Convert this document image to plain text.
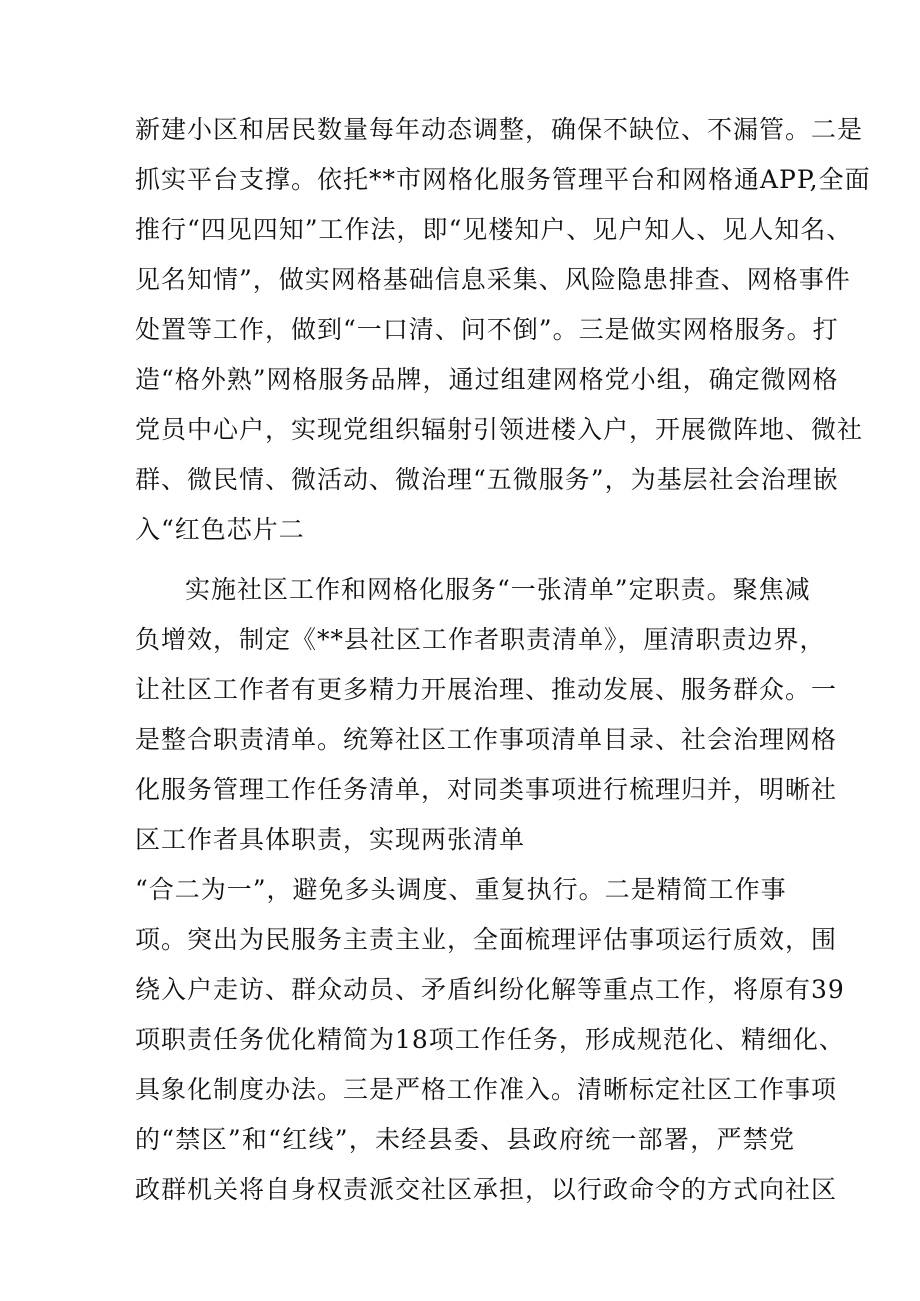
新建小区和居民数量每年动态调整，确保不缺位、不漏管。二是
抓实平台支撑。依托**市网格化服务管理平台和网格通APP,全面
推行“四见四知”工作法，即“见楼知户、见户知人、见人知名、
见名知情”，做实网格基础信息采集、风险隐患排查、网格事件
处置等工作，做到“一口清、问不倒”。三是做实网格服务。打
造“格外熟”网格服务品牌，通过组建网格党小组，确定微网格
党员中心户，实现党组织辐射引领进楼入户，开展微阵地、微社
群、微民情、微活动、微治理“五微服务”，为基层社会治理嵌
入“红色芯片二
实施社区工作和网格化服务“一张清单”定职责。聚焦减
负增效，制定《**县社区工作者职责清单》，厘清职责边界，
让社区工作者有更多精力开展治理、推动发展、服务群众。一
是整合职责清单。统筹社区工作事项清单目录、社会治理网格
化服务管理工作任务清单，对同类事项进行梳理归并，明晰社
区工作者具体职责，实现两张清单
“合二为一”，避免多头调度、重复执行。二是精简工作事
项。突出为民服务主责主业，全面梳理评估事项运行质效，围
绕入户走访、群众动员、矛盾纠纷化解等重点工作，将原有39
项职责任务优化精简为18项工作任务，形成规范化、精细化、
具象化制度办法。三是严格工作准入。清晰标定社区工作事项
的“禁区”和“红线”，未经县委、县政府统一部署，严禁党
政群机关将自身权责派交社区承担，以行政命令的方式向社区
